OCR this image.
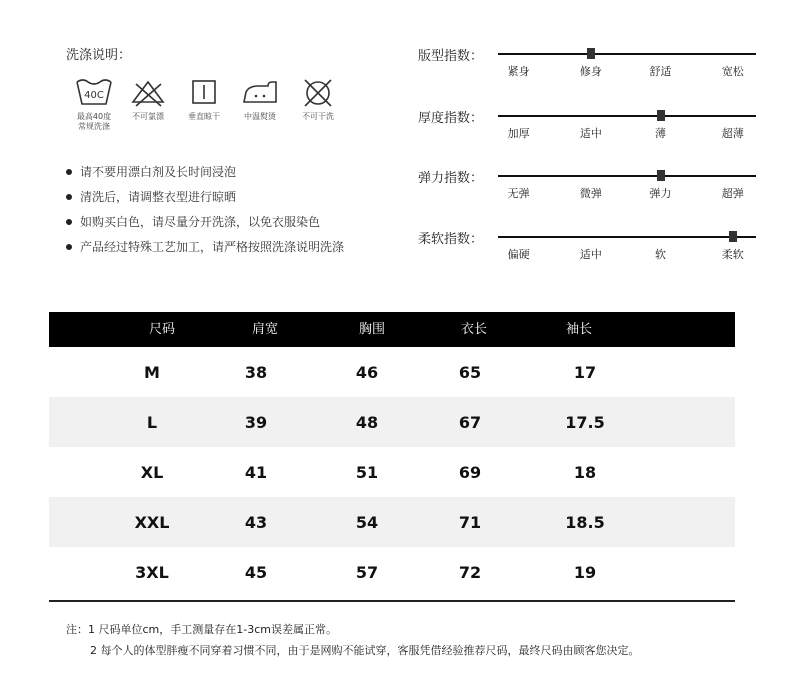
洗涤说明：
40C
最高40度
常规洗涤
不可氯漂	垂直晾干	中温熨烫	不可干洗
请不要用漂白剂及长时间浸泡
清洗后，请调整衣型进行晾晒
如购买白色，请尽量分开洗涤，以免衣服染色
产品经过特殊工艺加工，请严格按照洗涤说明洗涤
版型指数：
紧身	修身	舒适	宽松
厚度指数：
加厚	适中	薄	超薄
弹力指数：
无弹	微弹	弹力	超弹
柔软指数：
偏硬	适中	软	柔软
尺码	肩宽	胸围	衣长	袖长
M	38	46	65	17
L	39	48	67	17.5
XL	41	51	69	18
XXL	43	54	71	18.5
3XL	45	57	72	19
注：1 尺码单位cm，手工测量存在1-3cm误差属正常。
2 每个人的体型胖瘦不同穿着习惯不同，由于是网购不能试穿，客服凭借经验推荐尺码，最终尺码由顾客您决定。
